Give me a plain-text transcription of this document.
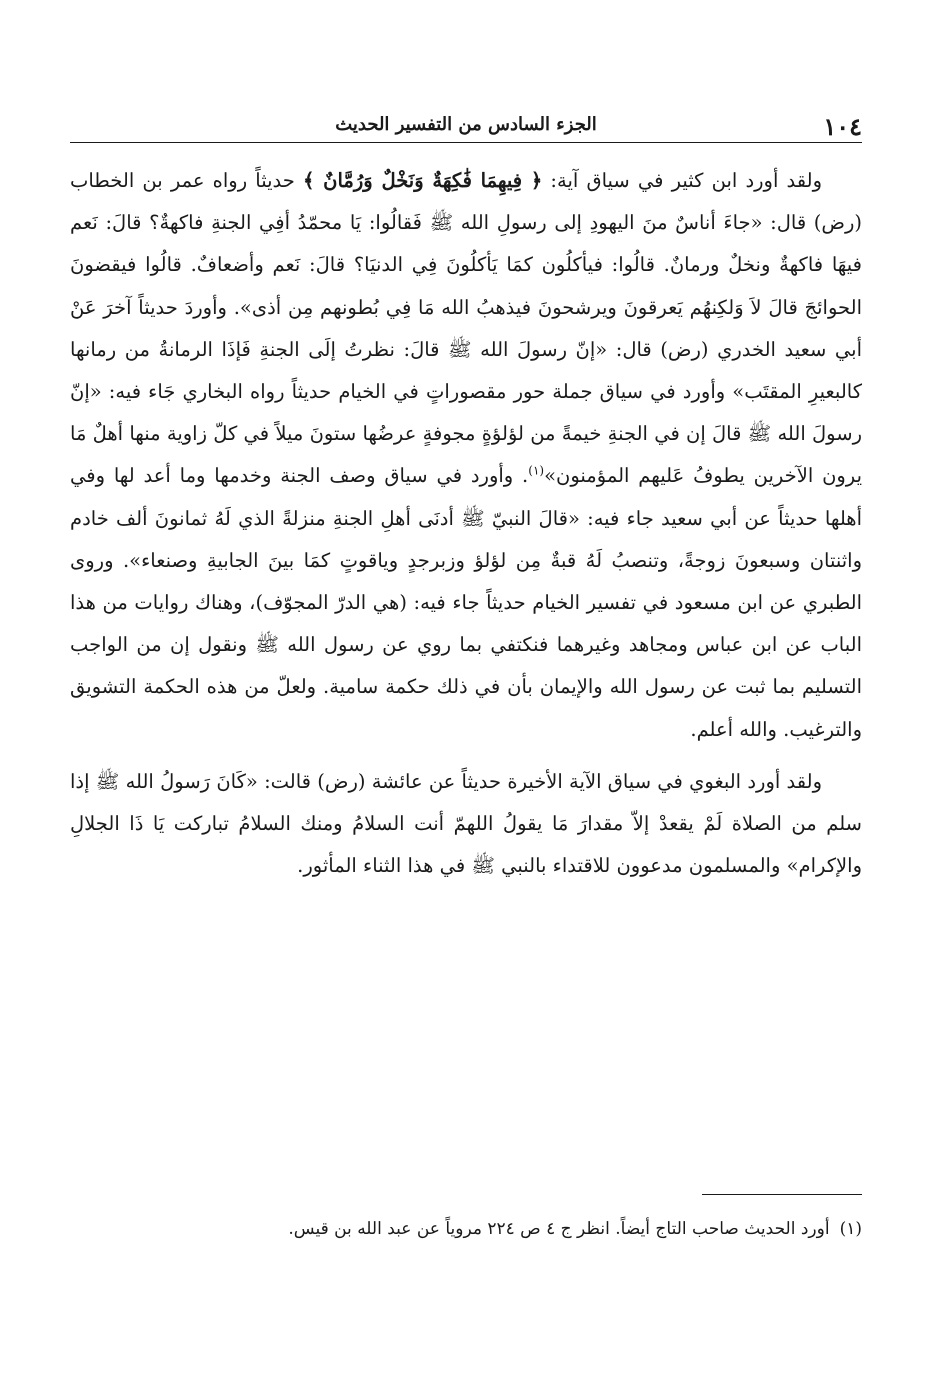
١٠٤
الجزء السادس من التفسير الحديث

ولقد أورد ابن كثير في سياق آية: ﴿ فِيهِمَا فَٰكِهَةٌ وَنَخْلٌ وَرُمَّانٌ ﴾ حديثاً رواه عمر بن الخطاب (رض) قال: «جاءَ أناسٌ منَ اليهودِ إلى رسولِ الله ﷺ فَقالُوا: يَا محمّدُ أفِي الجنةِ فاكهةٌ؟ قالَ: نَعم فيهَا فاكهةٌ ونخلٌ ورمانٌ. قالُوا: فيأكلُون كمَا يَأكلُونَ فِي الدنيَا؟ قالَ: نَعم وأضعافٌ. قالُوا فيقضونَ الحوائجَ قالَ لاَ وَلكِنهُم يَعرقونَ ويرشحونَ فيذهبُ الله مَا فِي بُطونهم مِن أذى». وأوردَ حديثاً آخرَ عَنْ أبي سعيد الخدري (رض) قال: «إنّ رسولَ الله ﷺ قالَ: نظرتُ إلَى الجنةِ فَإذَا الرمانةُ من رمانها كالبعيرِ المقتَب» وأورد في سياق جملة حور مقصوراتٍ في الخيام حديثاً رواه البخاري جَاء فيه: «إنّ رسولَ الله ﷺ قالَ إن في الجنةِ خيمةً من لؤلؤةٍ مجوفةٍ عرضُها ستونَ ميلاً في كلّ زاوية منها أهلٌ مَا يرون الآخرين يطوفُ عَليهم المؤمنون»$^{(١)}$. وأورد في سياق وصف الجنة وخدمها وما أعد لها وفي أهلها حديثاً عن أبي سعيد جاء فيه: «قالَ النبيّ ﷺ أدنَى أهلِ الجنةِ منزلةً الذي لَهُ ثمانونَ ألف خادم واثنتان وسبعونَ زوجةً، وتنصبُ لَهُ قبةٌ مِن لؤلؤ وزبرجدٍ وياقوتٍ كمَا بينَ الجابيةِ وصنعاء». وروى الطبري عن ابن مسعود في تفسير الخيام حديثاً جاء فيه: (هي الدرّ المجوّف)، وهناك روايات من هذا الباب عن ابن عباس ومجاهد وغيرهما فنكتفي بما روي عن رسول الله ﷺ ونقول إن من الواجب التسليم بما ثبت عن رسول الله والإيمان بأن في ذلك حكمة سامية. ولعلّ من هذه الحكمة التشويق والترغيب. والله أعلم.

ولقد أورد البغوي في سياق الآية الأخيرة حديثاً عن عائشة (رض) قالت: «كَانَ رَسولُ الله ﷺ إذا سلم من الصلاة لَمْ يقعدْ إلاّ مقدارَ مَا يقولُ اللهمّ أنت السلامُ ومنك السلامُ تباركت يَا ذَا الجلالِ والإكرام» والمسلمون مدعوون للاقتداء بالنبي ﷺ في هذا الثناء المأثور.

(١)أورد الحديث صاحب التاج أيضاً. انظر ج ٤ ص ٢٢٤ مروياً عن عبد الله بن قيس.
